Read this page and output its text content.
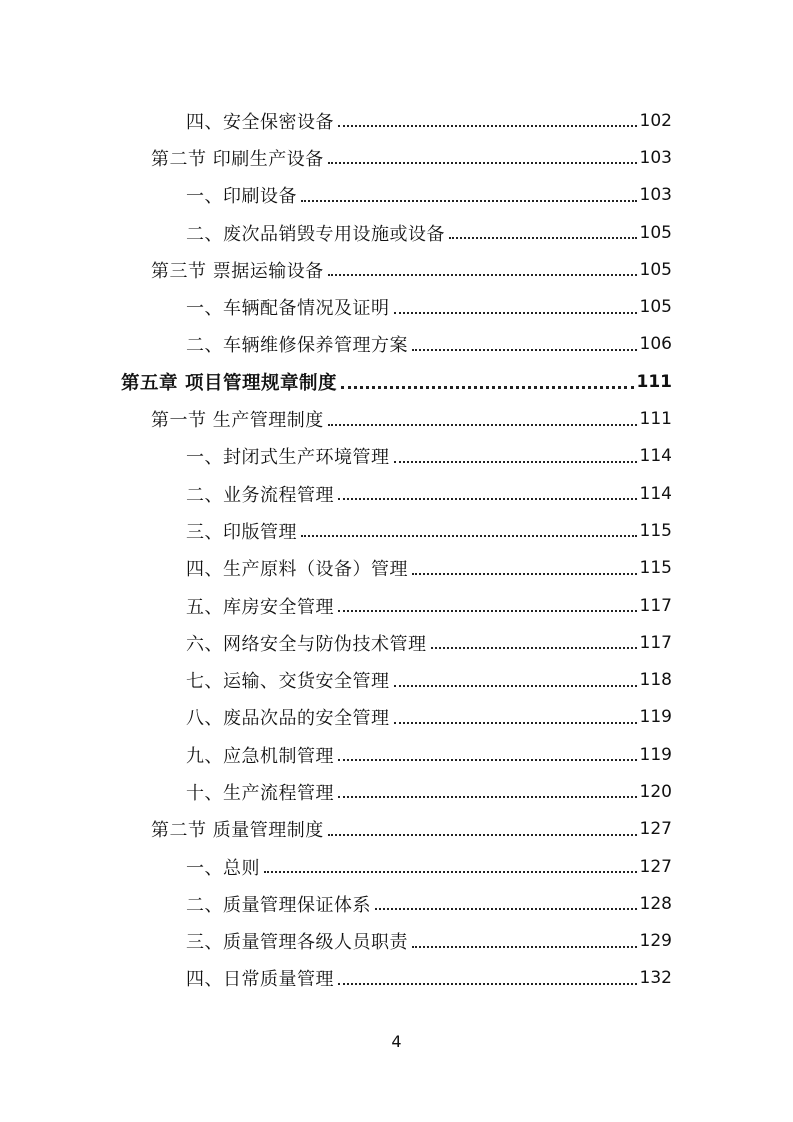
四、安全保密设备	102
第二节 印刷生产设备	103
一、印刷设备	103
二、废次品销毁专用设施或设备	105
第三节 票据运输设备	105
一、车辆配备情况及证明	105
二、车辆维修保养管理方案	106
第五章 项目管理规章制度	111
第一节 生产管理制度	111
一、封闭式生产环境管理	114
二、业务流程管理	114
三、印版管理	115
四、生产原料（设备）管理	115
五、库房安全管理	117
六、网络安全与防伪技术管理	117
七、运输、交货安全管理	118
八、废品次品的安全管理	119
九、应急机制管理	119
十、生产流程管理	120
第二节 质量管理制度	127
一、总则	127
二、质量管理保证体系	128
三、质量管理各级人员职责	129
四、日常质量管理	132
4
